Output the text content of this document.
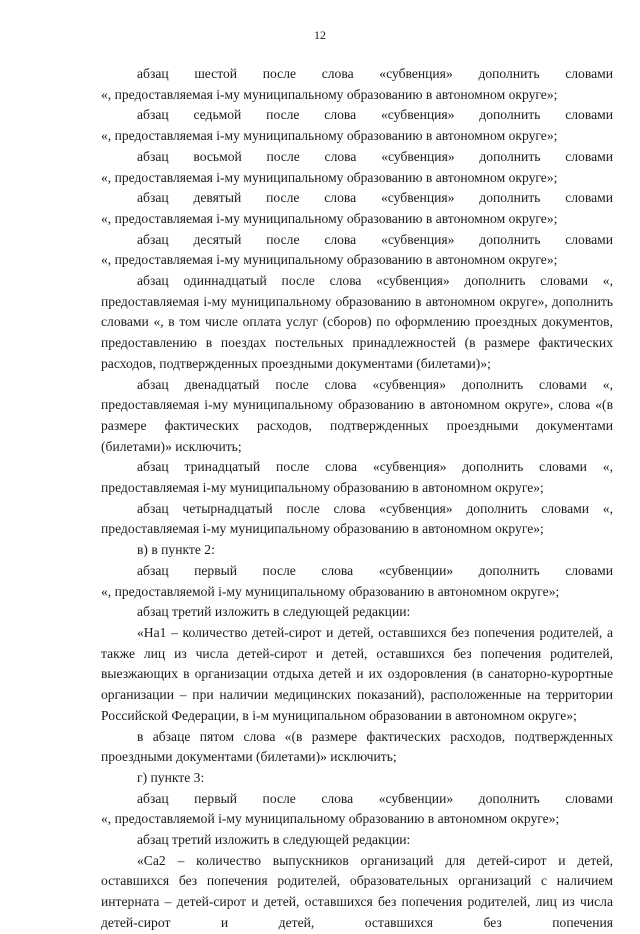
12

абзац шестой после слова «субвенция» дополнить словами

«, предоставляемая i-му муниципальному образованию в автономном округе»;

абзац седьмой после слова «субвенция» дополнить словами

«, предоставляемая i-му муниципальному образованию в автономном округе»;

абзац восьмой после слова «субвенция» дополнить словами

«, предоставляемая i-му муниципальному образованию в автономном округе»;

абзац девятый после слова «субвенция» дополнить словами

«, предоставляемая i-му муниципальному образованию в автономном округе»;

абзац десятый после слова «субвенция» дополнить словами

«, предоставляемая i-му муниципальному образованию в автономном округе»;

абзац одиннадцатый после слова «субвенция» дополнить словами «, предоставляемая i-му муниципальному образованию в автономном округе», дополнить словами «, в том числе оплата услуг (сборов) по оформлению проездных документов, предоставлению в поездах постельных принадлежностей (в размере фактических расходов, подтвержденных проездными документами (билетами)»;

абзац двенадцатый после слова «субвенция» дополнить словами «, предоставляемая i-му муниципальному образованию в автономном округе», слова «(в размере фактических расходов, подтвержденных проездными документами (билетами)» исключить;

абзац тринадцатый после слова «субвенция» дополнить словами «, предоставляемая i-му муниципальному образованию в автономном округе»;

абзац четырнадцатый после слова «субвенция» дополнить словами «, предоставляемая i-му муниципальному образованию в автономном округе»;

в) в пункте 2:

абзац первый после слова «субвенции» дополнить словами

«, предоставляемой i-му муниципальному образованию в автономном округе»;

абзац третий изложить в следующей редакции:

«На1 – количество детей-сирот и детей, оставшихся без попечения родителей, а также лиц из числа детей-сирот и детей, оставшихся без попечения родителей, выезжающих в организации отдыха детей и их оздоровления (в санаторно-курортные организации – при наличии медицинских показаний), расположенные на территории Российской Федерации, в i-м муниципальном образовании в автономном округе»;

в абзаце пятом слова «(в размере фактических расходов, подтвержденных проездными документами (билетами)» исключить;

г) пункте 3:

абзац первый после слова «субвенции» дополнить словами

«, предоставляемой i-му муниципальному образованию в автономном округе»;

абзац третий изложить в следующей редакции:

«Са2 – количество выпускников организаций для детей-сирот и детей, оставшихся без попечения родителей, образовательных организаций с наличием интерната – детей-сирот и детей, оставшихся без попечения родителей, лиц из числа детей-сирот и детей, оставшихся без попечения
